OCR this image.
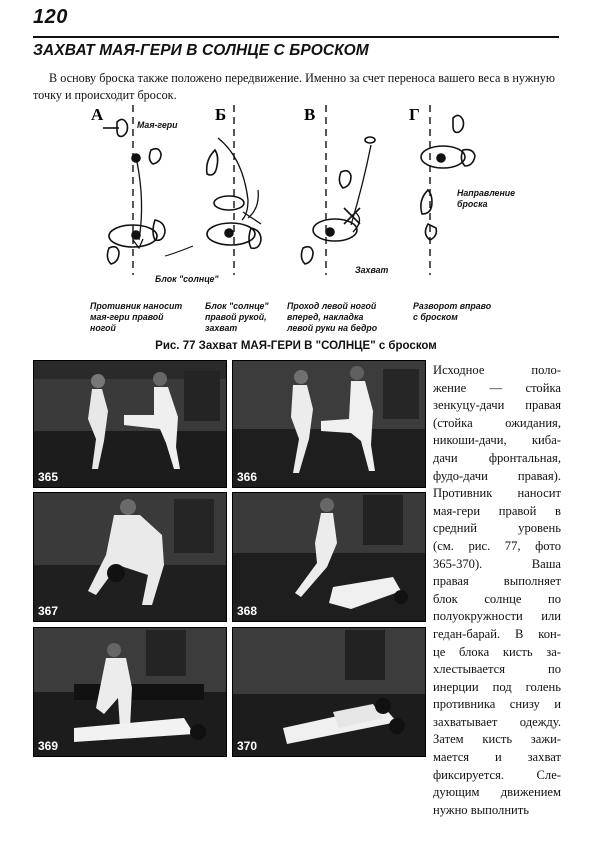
120
ЗАХВАТ МАЯ-ГЕРИ В СОЛНЦЕ С БРОСКОМ
В основу броска также положено передвижение. Именно за счет переноса вашего веса в нужную точку и происходит бросок.
А	Б	В	Г
Мая-гери
Блок "солнце"
Захват
Направление
броска
Противник наносит
мая-гери правой
ногой
Блок "солнце"
правой рукой,
захват
Проход левой ногой
вперед, накладка
левой руки на бедро
Разворот вправо
с броском
Рис. 77 Захват МАЯ-ГЕРИ В "СОЛНЦЕ" с броском
365	366
367	368
369	370
Исходное поло-
жение — стойка
зенкуцу-дачи правая
(стойка ожидания,
никоши-дачи, киба-
дачи фронтальная,
фудо-дачи правая).
Противник наносит
мая-гери правой в
средний уровень
(см. рис. 77, фото
365-370). Ваша
правая выполняет
блок солнце по
полуокружности или
гедан-барай. В кон-
це блока кисть за-
хлестывается по
инерции под голень
противника снизу и
захватывает одежду.
Затем кисть зажи-
мается и захват
фиксируется. Сле-
дующим движением
нужно выполнить
